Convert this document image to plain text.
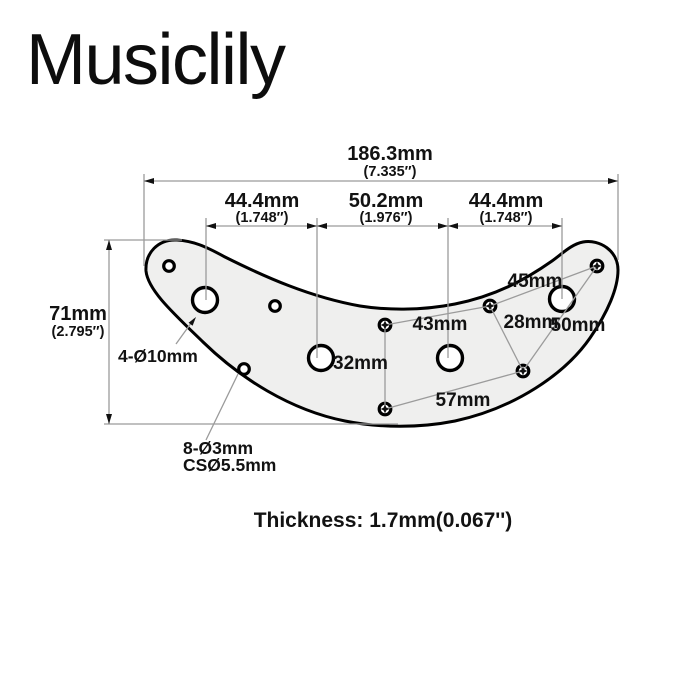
Musiclily
186.3mm
(7.335″)
44.4mm
(1.748″)
50.2mm
(1.976″)
44.4mm
(1.748″)
71mm
(2.795″)
4-Ø10mm
8-Ø3mm
CSØ5.5mm
32mm
43mm
45mm
28mm
50mm
57mm
Thickness: 1.7mm(0.067'')
